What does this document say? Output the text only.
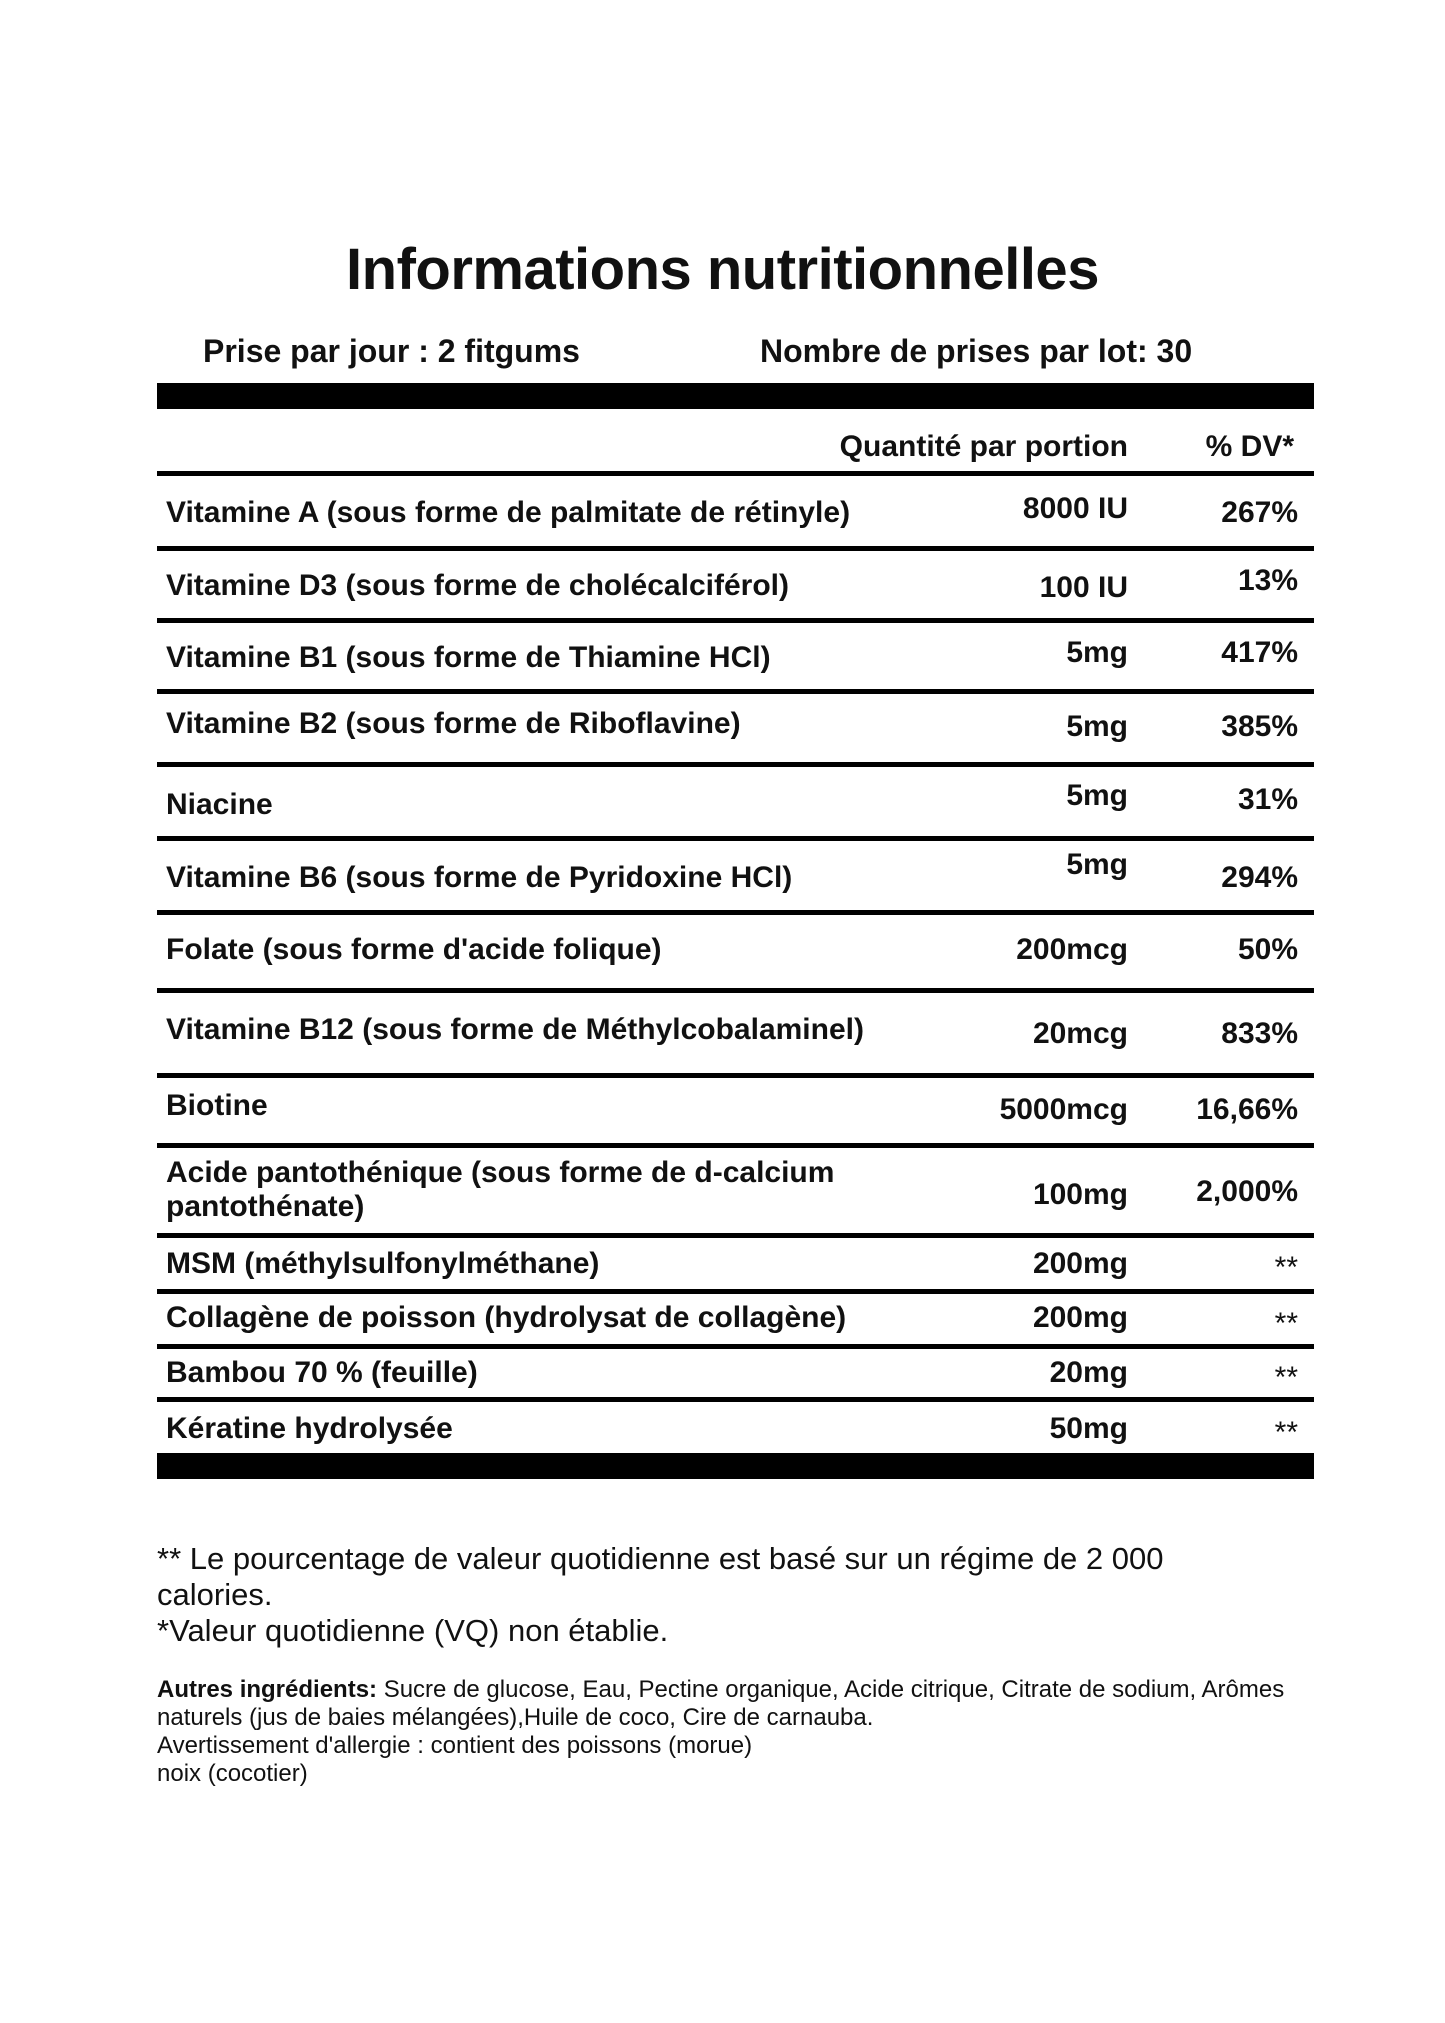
Informations nutritionnelles
Prise par jour : 2 fitgums	Nombre de prises par lot: 30
Quantité par portion	% DV*
Vitamine A (sous forme de palmitate de rétinyle)	8000 IU	267%
Vitamine D3 (sous forme de cholécalciférol)	100 IU	13%
Vitamine B1 (sous forme de Thiamine HCl)	5mg	417%
Vitamine B2 (sous forme de Riboflavine)	5mg	385%
Niacine	5mg	31%
Vitamine B6 (sous forme de Pyridoxine HCl)	5mg	294%
Folate (sous forme d'acide folique)	200mcg	50%
Vitamine B12 (sous forme de Méthylcobalaminel)	20mcg	833%
Biotine	5000mcg 16,66%
Acide pantothénique (sous forme de d-calcium pantothénate)	100mg 2,000%
MSM (méthylsulfonylméthane)	200mg	**
Collagène de poisson (hydrolysat de collagène)	200mg	**
Bambou 70 % (feuille)	20mg	**
Kératine hydrolysée	50mg	**
** Le pourcentage de valeur quotidienne est basé sur un régime de 2 000 calories.
*Valeur quotidienne (VQ) non établie.
Autres ingrédients: Sucre de glucose, Eau, Pectine organique, Acide citrique, Citrate de sodium, Arômes naturels (jus de baies mélangées),Huile de coco, Cire de carnauba.
Avertissement d'allergie : contient des poissons (morue)
noix (cocotier)
